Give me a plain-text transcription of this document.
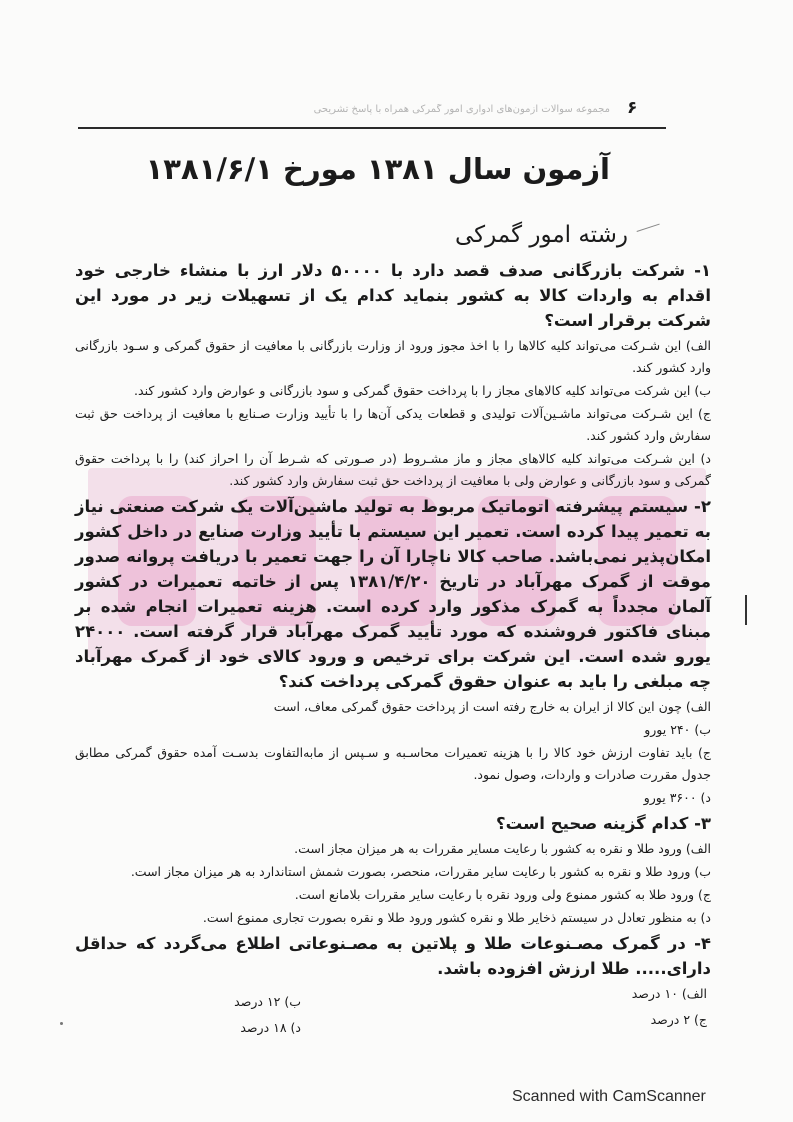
۶
مجموعه سوالات آزمون‌های ادواری امور گمرکی همراه با پاسخ تشریحی
آزمون سال ۱۳۸۱ مورخ ۱۳۸۱/۶/۱
رشته امور گمرکی
۱- شرکت بازرگانی صدف قصد دارد با ۵۰۰۰۰ دلار ارز با منشاء خارجی خود اقدام به واردات کالا به کشور بنماید کدام یک از تسهیلات زیر در مورد این شرکت برقرار است؟
الف) این شـرکت می‌تواند کلیه کالاها را با اخذ مجوز ورود از وزارت بازرگانی با معافیت از حقوق گمرکی و سـود بازرگانی وارد کشور کند.
ب) این شرکت می‌تواند کلیه کالاهای مجاز را با پرداخت حقوق گمرکی و سود بازرگانی و عوارض وارد کشور کند.
ج) این شـرکت می‌تواند ماشـین‌آلات تولیدی و قطعات یدکی آن‌ها را با تأیید وزارت صـنایع با معافیت از پرداخت حق ثبت سفارش وارد کشور کند.
د) این شـرکت می‌تواند کلیه کالاهای مجاز و ماز مشـروط (در صـورتی که شـرط آن را احراز کند) را با پرداخت حقوق گمرکی و سود بازرگانی و عوارض ولی با معافیت از پرداخت حق ثبت سفارش وارد کشور کند.
۲- سیستم پیشرفته اتوماتیک مربوط به تولید ماشین‌آلات یک شرکت صنعتی نیاز به تعمیر پیدا کرده است. تعمیر این سیستم با تأیید وزارت صنایع در داخل کشور امکان‌پذیر نمی‌باشد. صاحب کالا ناچارا آن را جهت تعمیر با دریافت پروانه صدور موقت از گمرک مهرآباد در تاریخ ۱۳۸۱/۴/۲۰ پس از خاتمه تعمیرات در کشور آلمان مجدداً به گمرک مذکور وارد کرده است. هزینه تعمیرات انجام شده بر مبنای فاکتور فروشنده که مورد تأیید گمرک مهرآباد قرار گرفته است. ۲۴۰۰۰ یورو شده است. این شرکت برای ترخیص و ورود کالای خود از گمرک مهرآباد چه مبلغی را باید به عنوان حقوق گمرکی پرداخت کند؟
الف) چون این کالا از ایران به خارج رفته است از پرداخت حقوق گمرکی معاف، است
ب) ۲۴۰ یورو
ج) باید تفاوت ارزش خود کالا را با هزینه تعمیرات محاسـبه و سـپس از مابه‌التفاوت بدسـت آمده حقوق گمرکی مطابق جدول مقررت صادرات و واردات، وصول نمود.
د) ۳۶۰۰ یورو
۳- کدام گزینه صحیح است؟
الف) ورود طلا و نقره به کشور با رعایت مسایر مقررات به هر میزان مجاز است.
ب) ورود طلا و نقره به کشور با رعایت سایر مقررات، منحصر، بصورت شمش استاندارد به هر میزان مجاز است.
ج) ورود طلا به کشور ممنوع ولی ورود نقره با رعایت سایر مقررات بلامانع است.
د) به منظور تعادل در سیستم ذخایر طلا و نقره کشور ورود طلا و نقره بصورت تجاری ممنوع است.
۴- در گمرک مصـنوعات طلا و پلاتین به مصـنوعاتی اطلاع می‌گردد که حداقل دارای..... طلا ارزش افزوده باشد.
الف) ۱۰ درصد
ب) ۱۲ درصد
ج) ۲ درصد
د) ۱۸ درصد
Scanned with CamScanner
